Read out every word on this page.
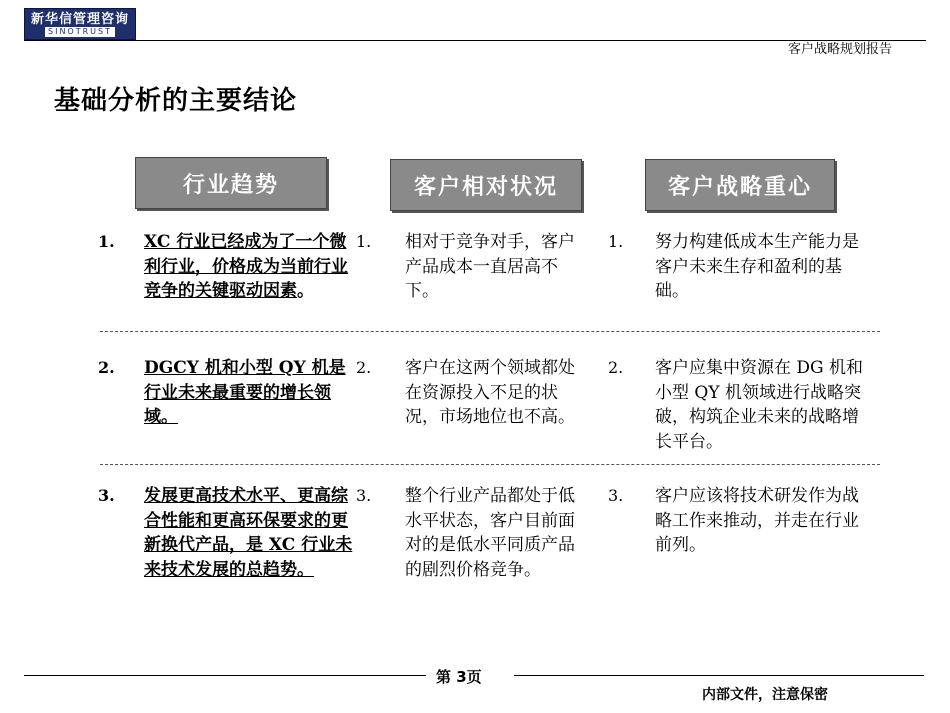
新华信管理咨询
SINOTRUST
客户战略规划报告
基础分析的主要结论
行业趋势	客户相对状况	客户战略重心
1. XC 行业已经成为了一个微利行业，价格成为当前行业竞争的关键驱动因素。
1. 相对于竞争对手，客户产品成本一直居高不下。
1. 努力构建低成本生产能力是客户未来生存和盈利的基础。
2. DGCY 机和小型 QY 机是行业未来最重要的增长领域。
2. 客户在这两个领域都处在资源投入不足的状况，市场地位也不高。
2. 客户应集中资源在 DG 机和小型 QY 机领域进行战略突破，构筑企业未来的战略增长平台。
3. 发展更高技术水平、更高综合性能和更高环保要求的更新换代产品，是 XC 行业未来技术发展的总趋势。
3. 整个行业产品都处于低水平状态，客户目前面对的是低水平同质产品的剧烈价格竞争。
3. 客户应该将技术研发作为战略工作来推动，并走在行业前列。
第 3页
内部文件，注意保密
